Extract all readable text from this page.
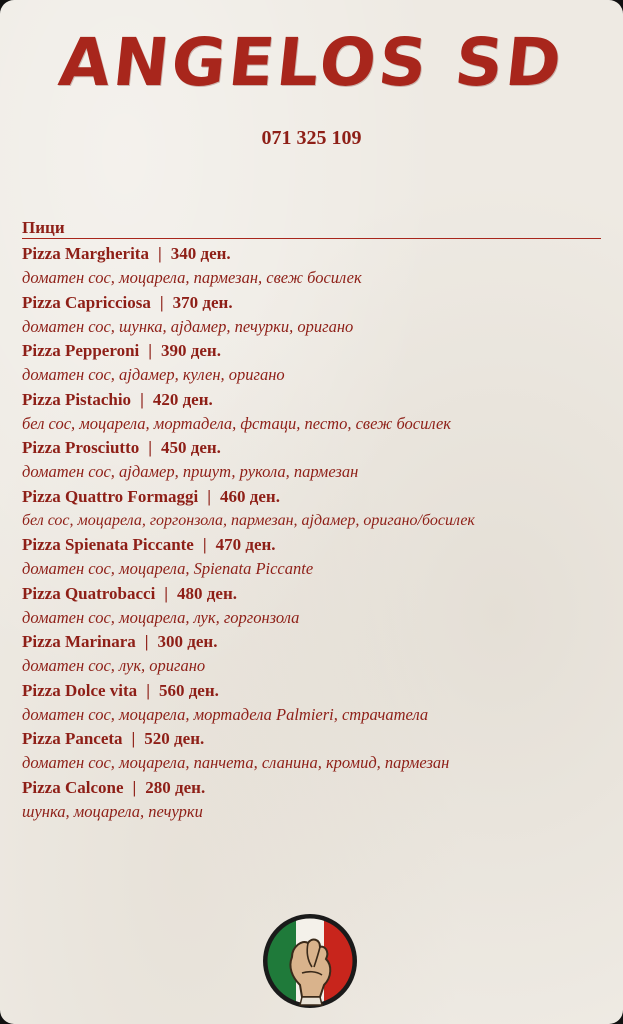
ANGELOS SD
071 325 109
Пици
Pizza Margherita | 340 ден.
доматен сос, моцарела, пармезан, свеж босилек
Pizza Capricciosa | 370 ден.
доматен сос, шунка, ајдамер, печурки, оригано
Pizza Pepperoni | 390 ден.
доматен сос, ајдамер, кулен, оригано
Pizza Pistachio | 420 ден.
бел сос, моцарела, мортадела, фстаци, песто, свеж босилек
Pizza Prosciutto | 450 ден.
доматен сос, ајдамер, пршут, рукола, пармезан
Pizza Quattro Formaggi | 460 ден.
бел сос, моцарела, горгонзола, пармезан, ајдамер, оригано/босилек
Pizza Spienata Piccante | 470 ден.
доматен сос, моцарела, Spienata Piccante
Pizza Quatrobacci | 480 ден.
доматен сос, моцарела, лук, горгонзола
Pizza Marinara | 300 ден.
доматен сос, лук, оригано
Pizza Dolce vita | 560 ден.
доматен сос, моцарела, мортадела Palmieri, страчатела
Pizza Panceta | 520 ден.
доматен сос, моцарела, панчета, сланина, кромид, пармезан
Pizza Calcone | 280 ден.
шунка, моцарела, печурки
